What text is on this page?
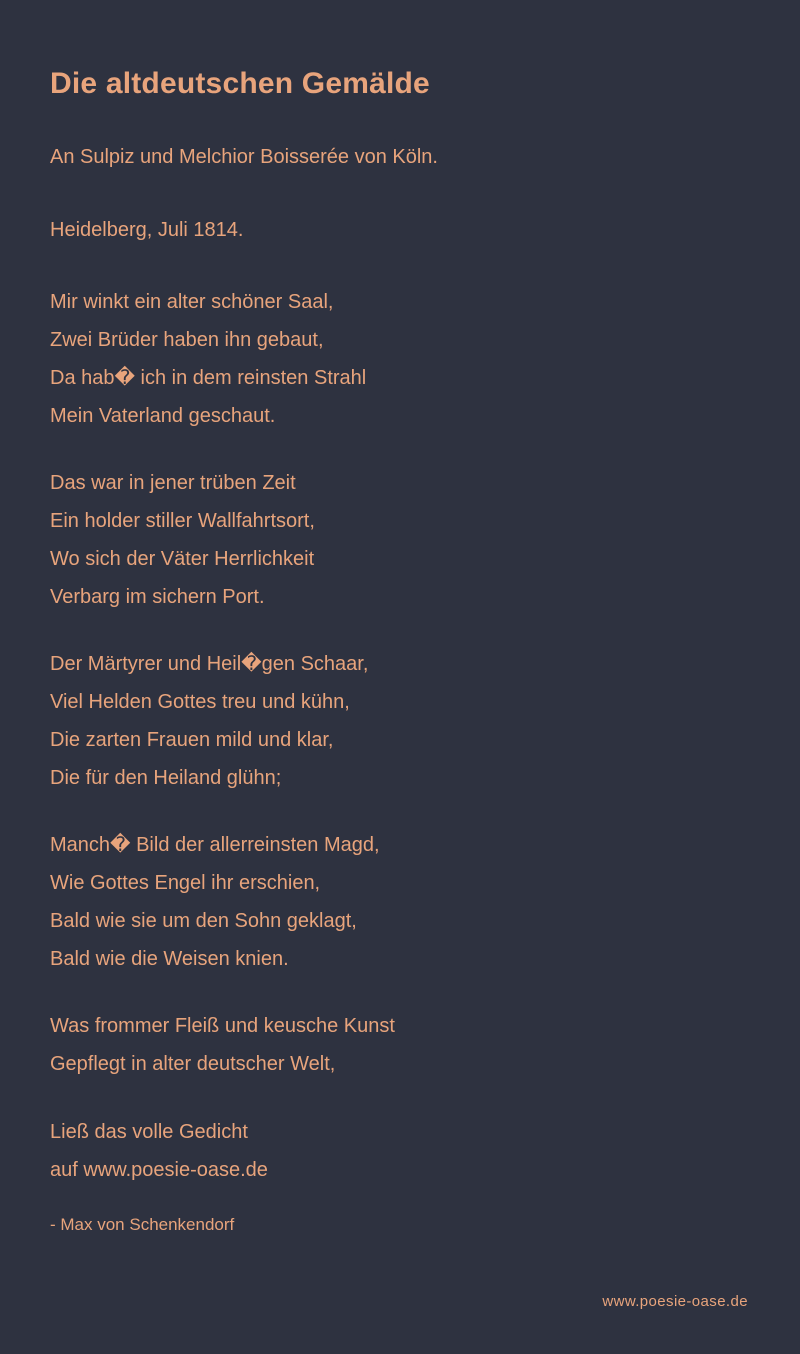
Die altdeutschen Gemälde
An Sulpiz und Melchior Boisserée von Köln.
Heidelberg, Juli 1814.
Mir winkt ein alter schöner Saal,
Zwei Brüder haben ihn gebaut,
Da hab� ich in dem reinsten Strahl
Mein Vaterland geschaut.
Das war in jener trüben Zeit
Ein holder stiller Wallfahrtsort,
Wo sich der Väter Herrlichkeit
Verbarg im sichern Port.
Der Märtyrer und Heil�gen Schaar,
Viel Helden Gottes treu und kühn,
Die zarten Frauen mild und klar,
Die für den Heiland glühn;
Manch� Bild der allerreinsten Magd,
Wie Gottes Engel ihr erschien,
Bald wie sie um den Sohn geklagt,
Bald wie die Weisen knien.
Was frommer Fleiß und keusche Kunst
Gepflegt in alter deutscher Welt,
Ließ das volle Gedicht
auf www.poesie-oase.de
- Max von Schenkendorf
www.poesie-oase.de
